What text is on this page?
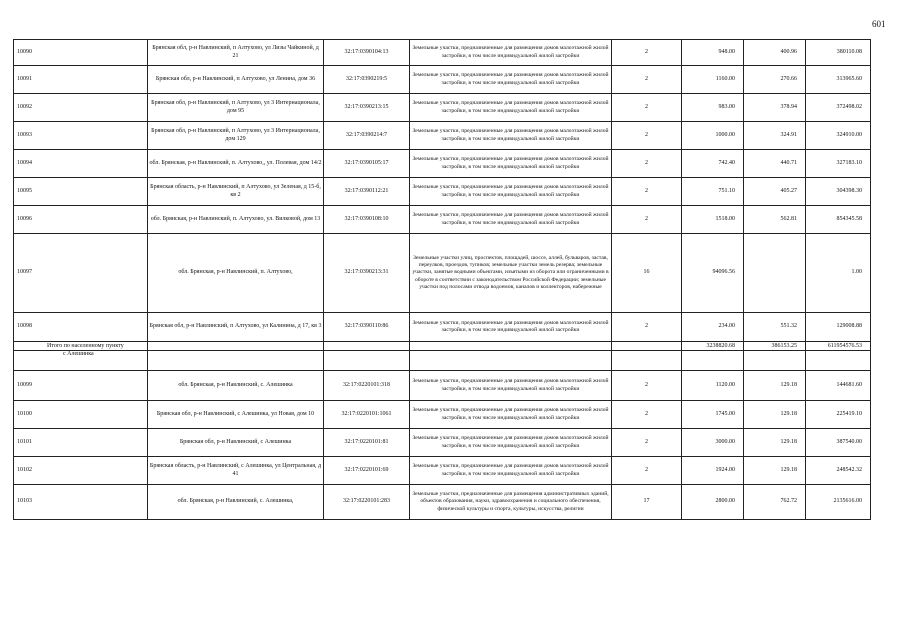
601
10090	Брянская обл, р-н Навлинский, п Алтухово, ул Лизы Чайкиной, д 21	32:17:0390104:13	Земельные участки, предназначенные для размещения домов малоэтажной жилой застройки, в том числе индивидуальной жилой застройки	2	948.00	400.96	380110.08
10091	Брянская обл, р-н Навлинский, п Алтухово, ул Ленина, дом 36	32:17:0390219:5	Земельные участки, предназначенные для размещения домов малоэтажной жилой застройки, в том числе индивидуальной жилой застройки	2	1160.00	270.66	313965.60
10092	Брянская обл, р-н Навлинский, п Алтухово, ул 3 Интернационала, дом 95	32:17:0390213:15	Земельные участки, предназначенные для размещения домов малоэтажной жилой застройки, в том числе индивидуальной жилой застройки	2	983.00	378.94	372498.02
10093	Брянская обл, р-н Навлинский, п Алтухово, ул 3 Интернационала, дом 129	32:17:0390214:7	Земельные участки, предназначенные для размещения домов малоэтажной жилой застройки, в том числе индивидуальной жилой застройки	2	1000.00	324.91	324910.00
10094	обл. Брянская, р-н Навлинский, п. Алтухово,, ул. Полевая, дом 14/2	32:17:0390105:17	Земельные участки, предназначенные для размещения домов малоэтажной жилой застройки, в том числе индивидуальной жилой застройки	2	742.40	440.71	327183.10
10095	Брянская область, р-н Навлинский, п Алтухово, ул Зеленая, д 15-б, кв 2	32:17:0390112:21	Земельные участки, предназначенные для размещения домов малоэтажной жилой застройки, в том числе индивидуальной жилой застройки	2	751.10	405.27	304398.30
10096	обл. Брянская, р-н Навлинский, п. Алтухово, ул. Вилковой, дом 13	32:17:0390108:10	Земельные участки, предназначенные для размещения домов малоэтажной жилой застройки, в том числе индивидуальной жилой застройки	2	1518.00	562.81	854345.58
10097	обл. Брянская, р-н Навлинский, п. Алтухово,	32:17:0390213:31	Земельные участки улиц, проспектов, площадей, шоссе, аллей, бульваров, застав, переулков, проездов, тупиков; земельные участки земель резерва; земельные участки, занятые водными объектами, изъятыми из оборота или ограниченными в обороте в соответствии с законодательством Российской Федерации; земельные участки под полосами отвода водоемов, каналов и коллекторов, набережные	16	94096.56		1.00
10098	Брянская обл, р-н Навлинский, п Алтухово, ул Калинина, д 17, кв 3	32:17:0390110:86	Земельные участки, предназначенные для размещения домов малоэтажной жилой застройки, в том числе индивидуальной жилой застройки	2	234.00	551.32	129008.88
Итого по населенному пункту					3238820.68	386153.25	611954576.53
с Алешинка							
10099	обл. Брянская, р-н Навлинский, с. Алешинка	32:17:0220101:318	Земельные участки, предназначенные для размещения домов малоэтажной жилой застройки, в том числе индивидуальной жилой застройки	2	1120.00	129.18	144681.60
10100	Брянская обл, р-н Навлинский, с Алешинка, ул Новая, дом 10	32:17:0220101:1061	Земельные участки, предназначенные для размещения домов малоэтажной жилой застройки, в том числе индивидуальной жилой застройки	2	1745.00	129.18	225419.10
10101	Брянская обл, р-н Навлинский, с Алешинка	32:17:0220101:81	Земельные участки, предназначенные для размещения домов малоэтажной жилой застройки, в том числе индивидуальной жилой застройки	2	3000.00	129.18	387540.00
10102	Брянская область, р-н Навлинский, с Алешинка, ул Центральная, д 41	32:17:0220101:69	Земельные участки, предназначенные для размещения домов малоэтажной жилой застройки, в том числе индивидуальной жилой застройки	2	1924.00	129.18	248542.32
10103	обл. Брянская, р-н Навлинский, с. Алешинка,	32:17:0220101:283	Земельные участки, предназначенные для размещения административных зданий, объектов образования, науки, здравоохранения и социального обеспечения, физической культуры и спорта, культуры, искусства, религии	17	2800.00	762.72	2135616.00
